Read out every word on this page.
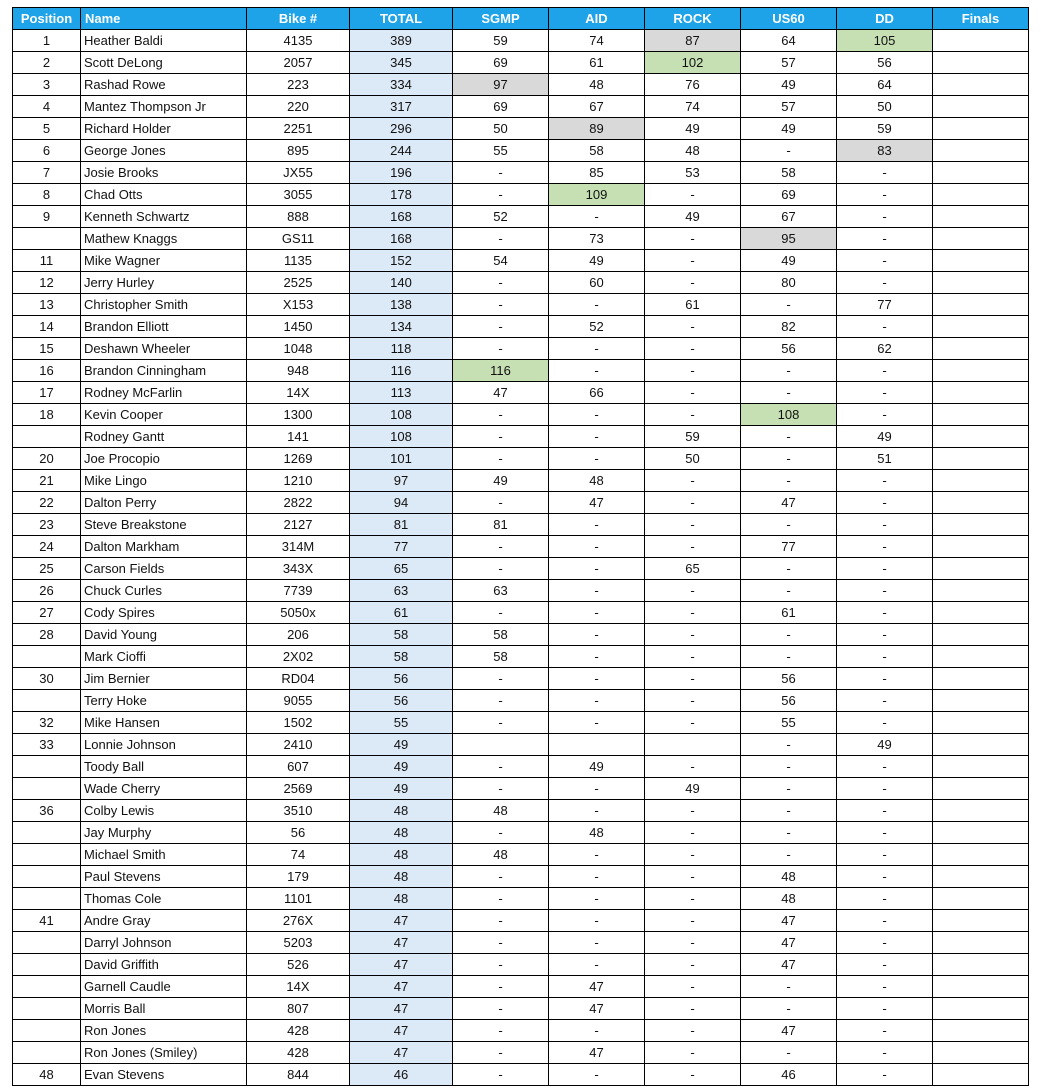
Position	Name	Bike #	TOTAL	SGMP	AID	ROCK	US60	DD	Finals
1	Heather Baldi	4135	389	59	74	87	64	105	
2	Scott DeLong	2057	345	69	61	102	57	56	
3	Rashad Rowe	223	334	97	48	76	49	64	
4	Mantez Thompson Jr	220	317	69	67	74	57	50	
5	Richard Holder	2251	296	50	89	49	49	59	
6	George Jones	895	244	55	58	48	-	83	
7	Josie Brooks	JX55	196	-	85	53	58	-	
8	Chad Otts	3055	178	-	109	-	69	-	
9	Kenneth Schwartz	888	168	52	-	49	67	-	
	Mathew Knaggs	GS11	168	-	73	-	95	-	
11	Mike Wagner	1135	152	54	49	-	49	-	
12	Jerry Hurley	2525	140	-	60	-	80	-	
13	Christopher Smith	X153	138	-	-	61	-	77	
14	Brandon Elliott	1450	134	-	52	-	82	-	
15	Deshawn Wheeler	1048	118	-	-	-	56	62	
16	Brandon Cinningham	948	116	116	-	-	-	-	
17	Rodney McFarlin	14X	113	47	66	-	-	-	
18	Kevin Cooper	1300	108	-	-	-	108	-	
	Rodney Gantt	141	108	-	-	59	-	49	
20	Joe Procopio	1269	101	-	-	50	-	51	
21	Mike Lingo	1210	97	49	48	-	-	-	
22	Dalton Perry	2822	94	-	47	-	47	-	
23	Steve Breakstone	2127	81	81	-	-	-	-	
24	Dalton Markham	314M	77	-	-	-	77	-	
25	Carson Fields	343X	65	-	-	65	-	-	
26	Chuck Curles	7739	63	63	-	-	-	-	
27	Cody Spires	5050x	61	-	-	-	61	-	
28	David Young	206	58	58	-	-	-	-	
	Mark Cioffi	2X02	58	58	-	-	-	-	
30	Jim Bernier	RD04	56	-	-	-	56	-	
	Terry Hoke	9055	56	-	-	-	56	-	
32	Mike Hansen	1502	55	-	-	-	55	-	
33	Lonnie Johnson	2410	49				-	49	
	Toody Ball	607	49	-	49	-	-	-	
	Wade Cherry	2569	49	-	-	49	-	-	
36	Colby Lewis	3510	48	48	-	-	-	-	
	Jay Murphy	56	48	-	48	-	-	-	
	Michael Smith	74	48	48	-	-	-	-	
	Paul Stevens	179	48	-	-	-	48	-	
	Thomas Cole	1101	48	-	-	-	48	-	
41	Andre Gray	276X	47	-	-	-	47	-	
	Darryl Johnson	5203	47	-	-	-	47	-	
	David Griffith	526	47	-	-	-	47	-	
	Garnell Caudle	14X	47	-	47	-	-	-	
	Morris Ball	807	47	-	47	-	-	-	
	Ron Jones	428	47	-	-	-	47	-	
	Ron Jones (Smiley)	428	47	-	47	-	-	-	
48	Evan Stevens	844	46	-	-	-	46	-	
